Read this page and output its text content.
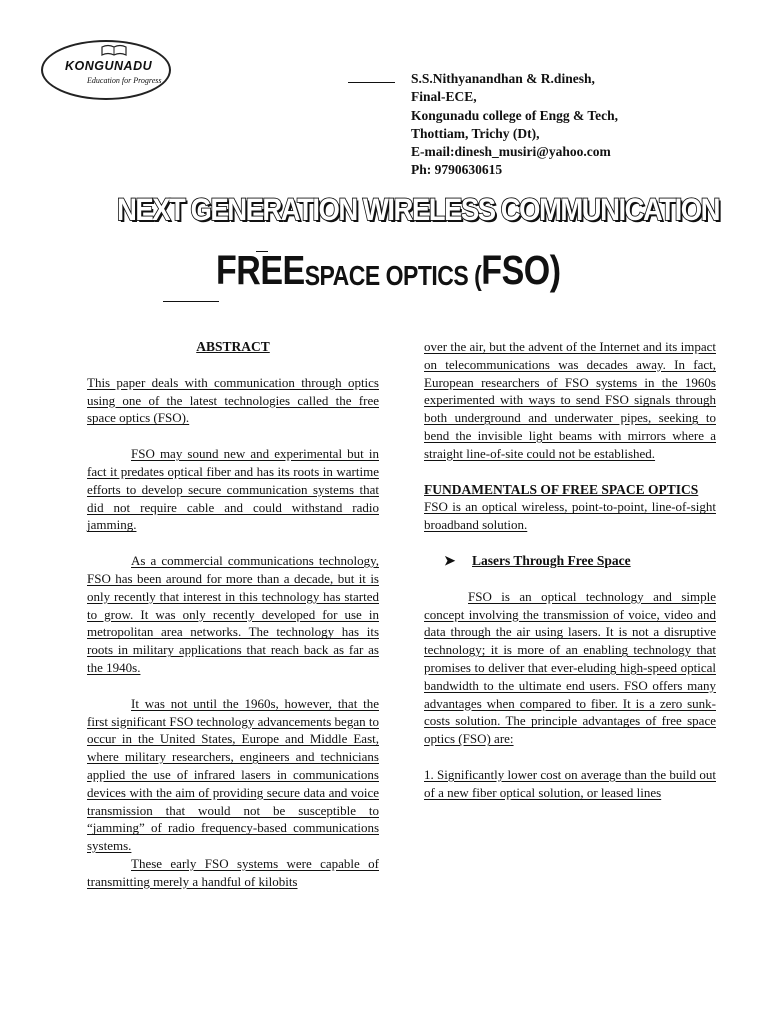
KONGUNADU
Education for Progress	S.S.Nithyanandhan & R.dinesh,
Final-ECE,
Kongunadu college of Engg & Tech,
Thottiam, Trichy (Dt),
E-mail:dinesh_musiri@yahoo.com
Ph: 9790630615
NEXT GENERATION WIRELESS COMMUNICATION
FREESPACE OPTICS (FSO)
ABSTRACT

This paper deals with communication through optics using one of the latest technologies called the free space optics (FSO).

FSO may sound new and experimental but in fact it predates optical fiber and has its roots in wartime efforts to develop secure communication systems that did not require cable and could withstand radio jamming.

As a commercial communications technology, FSO has been around for more than a decade, but it is only recently that interest in this technology has started to grow. It was only recently developed for use in metropolitan area networks. The technology has its roots in military applications that reach back as far as the 1940s.

It was not until the 1960s, however, that the first significant FSO technology advancements began to occur in the United States, Europe and Middle East, where military researchers, engineers and technicians applied the use of infrared lasers in communications devices with the aim of providing secure data and voice transmission that would not be susceptible to “jamming” of radio frequency-based communications systems.

These early FSO systems were capable of transmitting merely a handful of kilobits

over the air, but the advent of the Internet and its impact on telecommunications was decades away. In fact, European researchers of FSO systems in the 1960s experimented with ways to send FSO signals through both underground and underwater pipes, seeking to bend the invisible light beams with mirrors where a straight line-of-site could not be established.

FUNDAMENTALS OF FREE SPACE OPTICS

FSO is an optical wireless, point-to-point, line-of-sight broadband solution.

➤ Lasers Through Free Space

FSO is an optical technology and simple concept involving the transmission of voice, video and data through the air using lasers. It is not a disruptive technology; it is more of an enabling technology that promises to deliver that ever-eluding high-speed optical bandwidth to the ultimate end users. FSO offers many advantages when compared to fiber. It is a zero sunk-costs solution. The principle advantages of free space optics (FSO) are:

1. Significantly lower cost on average than the build out of a new fiber optical solution, or leased lines
